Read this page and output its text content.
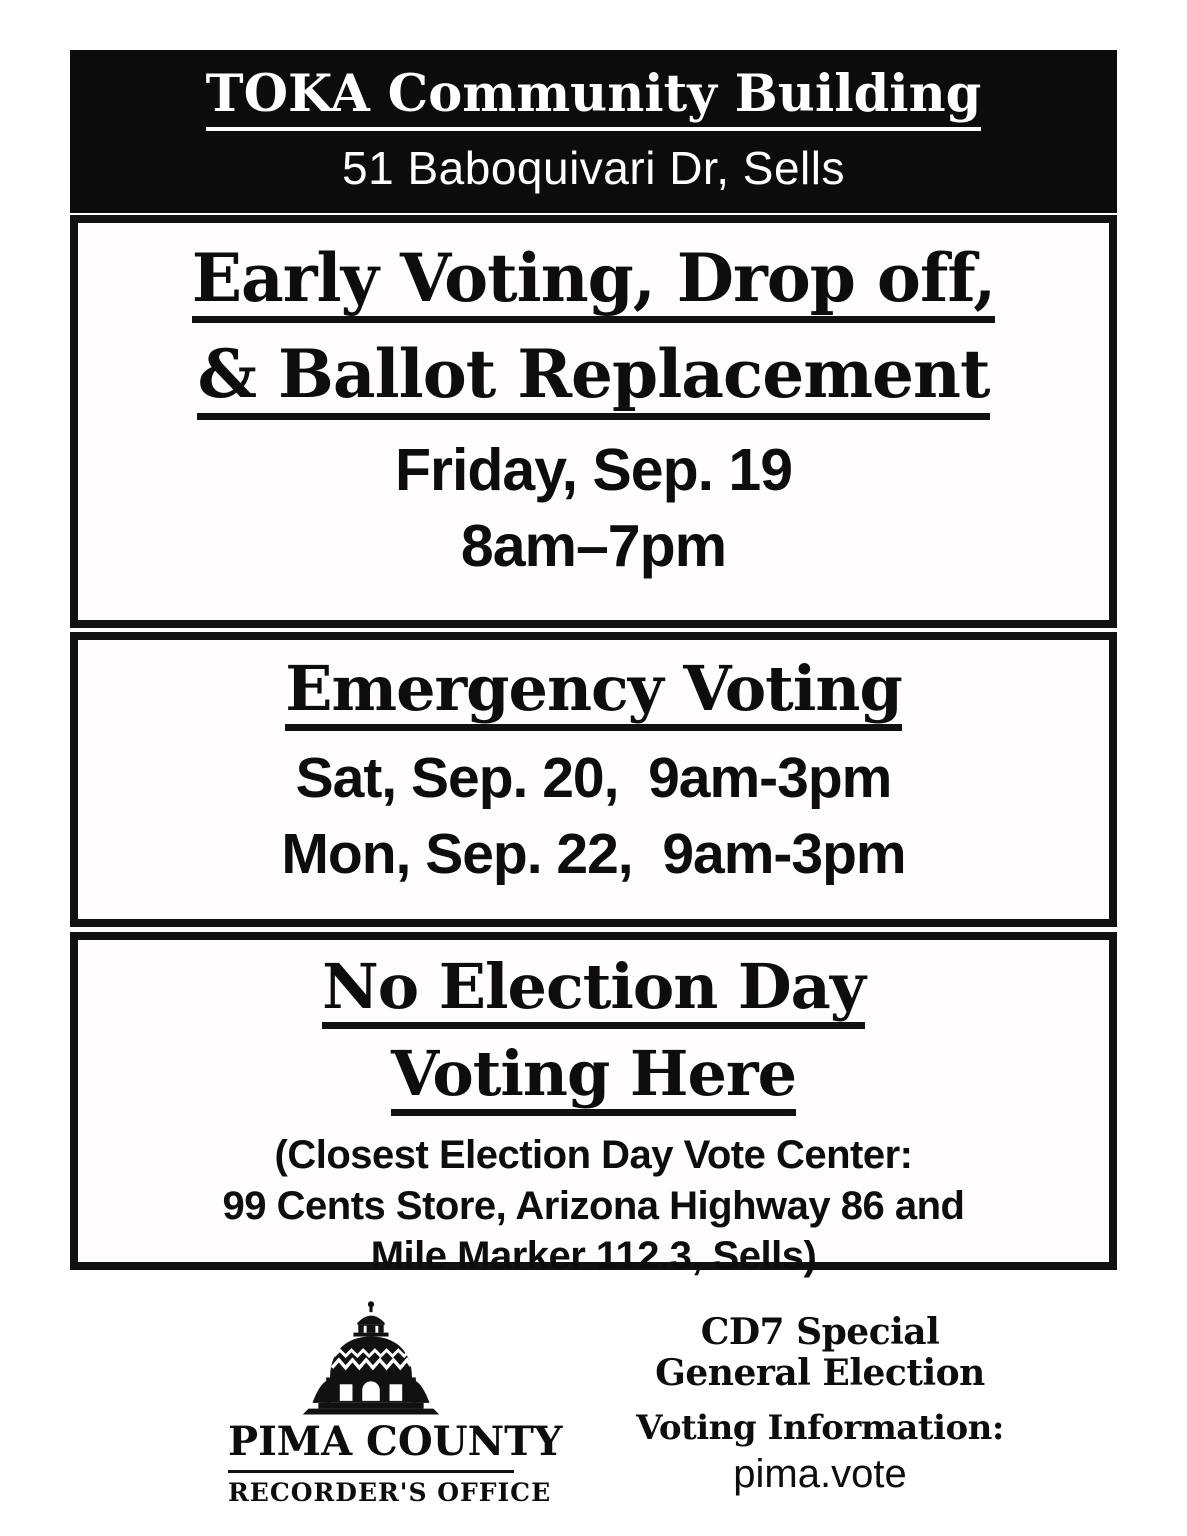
TOKA Community Building
51 Baboquivari Dr, Sells
Early Voting, Drop off,
& Ballot Replacement
Friday, Sep. 19
8am–7pm
Emergency Voting
Sat, Sep. 20,  9am-3pm
Mon, Sep. 22,  9am-3pm
No Election Day
Voting Here
(Closest Election Day Vote Center:
99 Cents Store, Arizona Highway 86 and
Mile Marker 112.3, Sells)
PIMA COUNTY
RECORDER'S OFFICE
CD7 Special
General Election
Voting Information:
pima.vote
